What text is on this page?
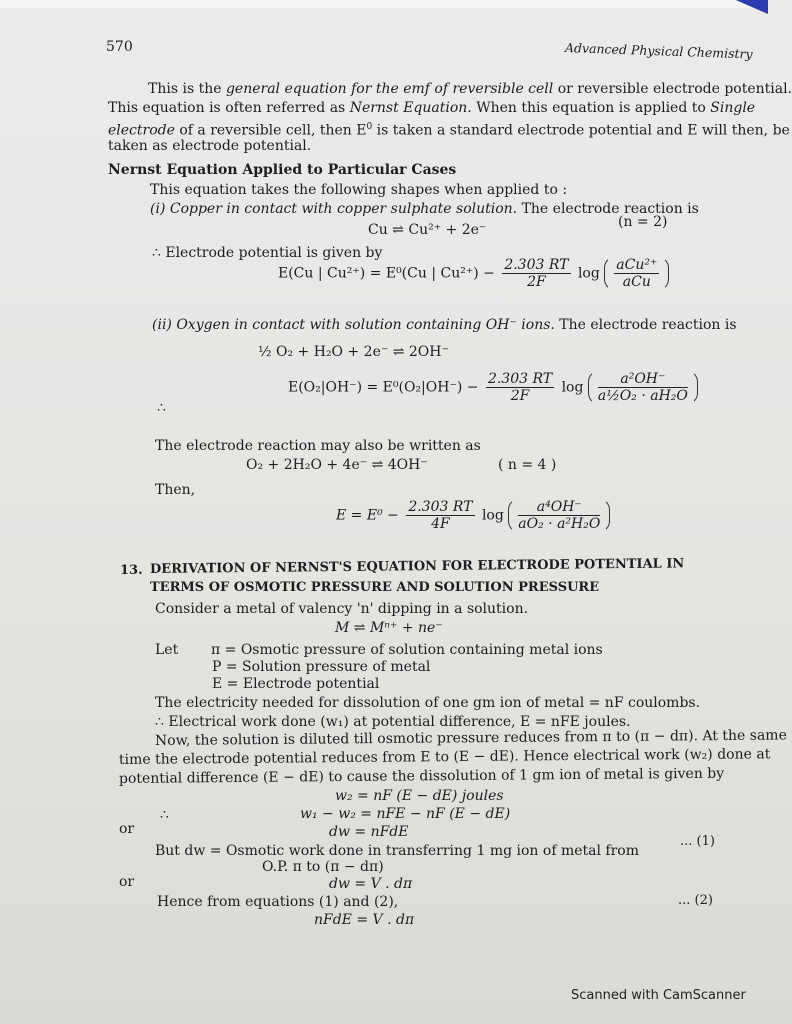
570	Advanced Physical Chemistry
This is the general equation for the emf of reversible cell or reversible electrode potential.
This equation is often referred as Nernst Equation. When this equation is applied to Single
electrode of a reversible cell, then $E^0$ is taken a standard electrode potential and E will then, be
taken as electrode potential.
Nernst Equation Applied to Particular Cases
This equation takes the following shapes when applied to :
(i) Copper in contact with copper sulphate solution. The electrode reaction is
Cu ⇌ Cu²⁺ + 2e⁻	(n = 2)
∴ Electrode potential is given by
E(Cu | Cu²⁺) = E⁰(Cu | $Cu^{2+}) - \frac{2.303 RT}{2F}$ $\log \frac{\text{aCu²⁺}}{\text{aCu}}$
(ii) Oxygen in contact with solution containing OH⁻ ions. The electrode reaction is
½ O₂ + H₂O + 2e⁻ ⇌ 2OH⁻
∴
$E(O_2|OH^-) = E^0(O_2|OH^-) - \frac{2.303 RT}{2F}$ $\log \frac{\text{a²OH⁻}}{\text{a½O₂ · aH₂O}}$
The electrode reaction may also be written as
O₂ + 2H₂O + 4e⁻ ⇌ 4OH⁻	( n = 4 )
Then,
$E = E^0 - \frac{2.303 RT}{4F}$ $\log \frac{\text{a⁴OH⁻}}{\text{aO₂ · a²H₂O}}$
13. DERIVATION OF NERNST'S EQUATION FOR ELECTRODE POTENTIAL IN
TERMS OF OSMOTIC PRESSURE AND SOLUTION PRESSURE
Consider a metal of valency 'n' dipping in a solution.
M ⇌ Mⁿ⁺ + ne⁻
Let π = Osmotic pressure of solution containing metal ions
P = Solution pressure of metal
E = Electrode potential
The electricity needed for dissolution of one gm ion of metal = nF coulombs.
∴ Electrical work done (w₁) at potential difference, E = nFE joules.
Now, the solution is diluted till osmotic pressure reduces from π to (π − dπ). At the same
time the electrode potential reduces from E to (E − dE). Hence electrical work (w₂) done at
potential difference (E − dE) to cause the dissolution of 1 gm ion of metal is given by
w₂ = nF (E − dE) joules
∴	w₁ − w₂ = nFE − nF (E − dE)
or	dw = nFdE
... (1)
But dw = Osmotic work done in transferring 1 mg ion of metal from
O.P. π to (π − dπ)
or	dw = V . dπ
Hence from equations (1) and (2),	... (2)
nFdE = V . dπ
Scanned with CamScanner
